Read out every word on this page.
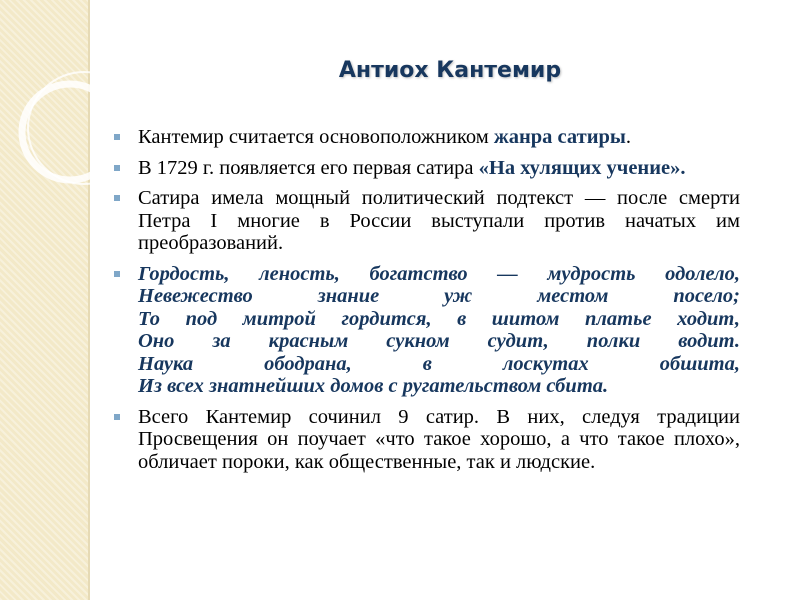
Антиох Кантемир
Кантемир считается основоположником жанра сатиры.
В 1729 г. появляется его первая сатира «На хулящих учение».
Сатира имела мощный политический подтекст — после смерти Петра I многие в России выступали против начатых им преобразований.
Гордость, леность, богатство — мудрость одолело,
Невежество знание уж местом посело;
То под митрой гордится, в шитом платье ходит,
Оно за красным сукном судит, полки водит.
Наука ободрана, в лоскутах обшита,
Из всех знатнейших домов с ругательством сбита.
Всего Кантемир сочинил 9 сатир. В них, следуя традиции Просвещения он поучает «что такое хорошо, а что такое плохо», обличает пороки, как общественные, так и людские.
